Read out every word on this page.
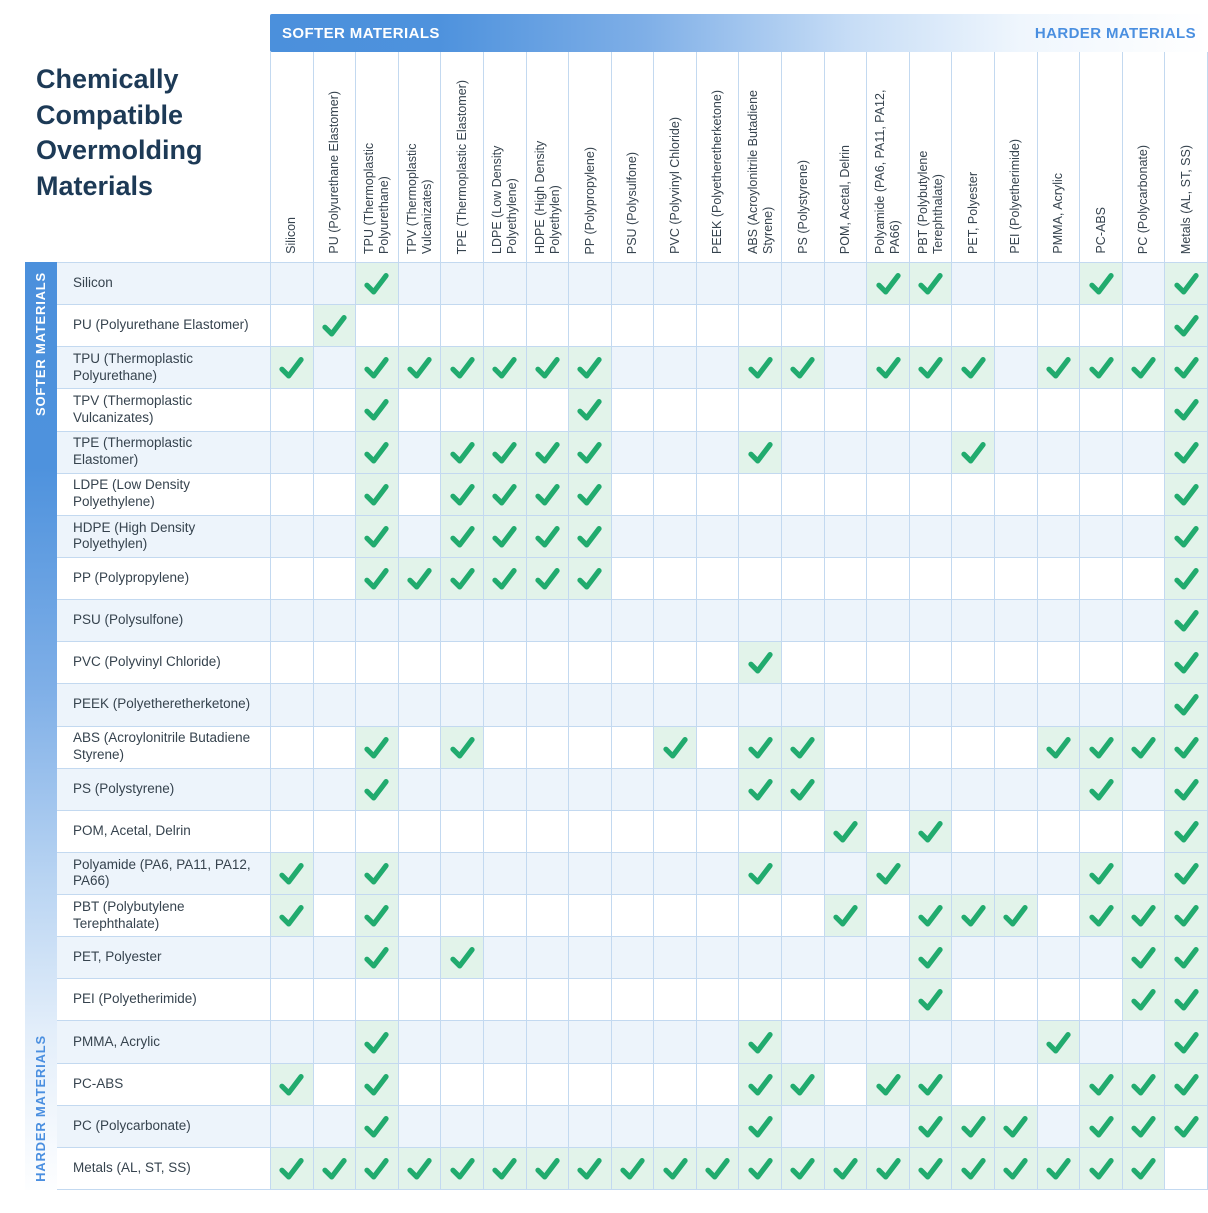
Chemically Compatible Overmolding Materials
SOFTER MATERIALS	HARDER MATERIALS
Silicon PU (Polyurethane Elastomer) TPU (Thermoplastic Polyurethane) TPV (Thermoplastic Vulcanizates) TPE (Thermoplastic Elastomer) LDPE (Low Density Polyethylene) HDPE (High Density Polyethylen) PP (Polypropylene) PSU (Polysulfone) PVC (Polyvinyl Chloride) PEEK (Polyetheretherketone) ABS (Acroylonitrile Butadiene Styrene) PS (Polystyrene) POM, Acetal, Delrin Polyamide (PA6, PA11, PA12, PA66) PBT (Polybutylene Terephthalate) PET, Polyester PEI (Polyetherimide) PMMA, Acrylic PC-ABS PC (Polycarbonate) Metals (AL, ST, SS)
SOFTER MATERIALS
HARDER MATERIALS
Silicon
PU (Polyurethane Elastomer)
TPU (Thermoplastic Polyurethane)
TPV (Thermoplastic Vulcanizates)
TPE (Thermoplastic Elastomer)
LDPE (Low Density Polyethylene)
HDPE (High Density Polyethylen)
PP (Polypropylene)
PSU (Polysulfone)
PVC (Polyvinyl Chloride)
PEEK (Polyetheretherketone)
ABS (Acroylonitrile Butadiene Styrene)
PS (Polystyrene)
POM, Acetal, Delrin
Polyamide (PA6, PA11, PA12, PA66)
PBT (Polybutylene Terephthalate)
PET, Polyester
PEI (Polyetherimide)
PMMA, Acrylic
PC-ABS
PC (Polycarbonate)
Metals (AL, ST, SS)
